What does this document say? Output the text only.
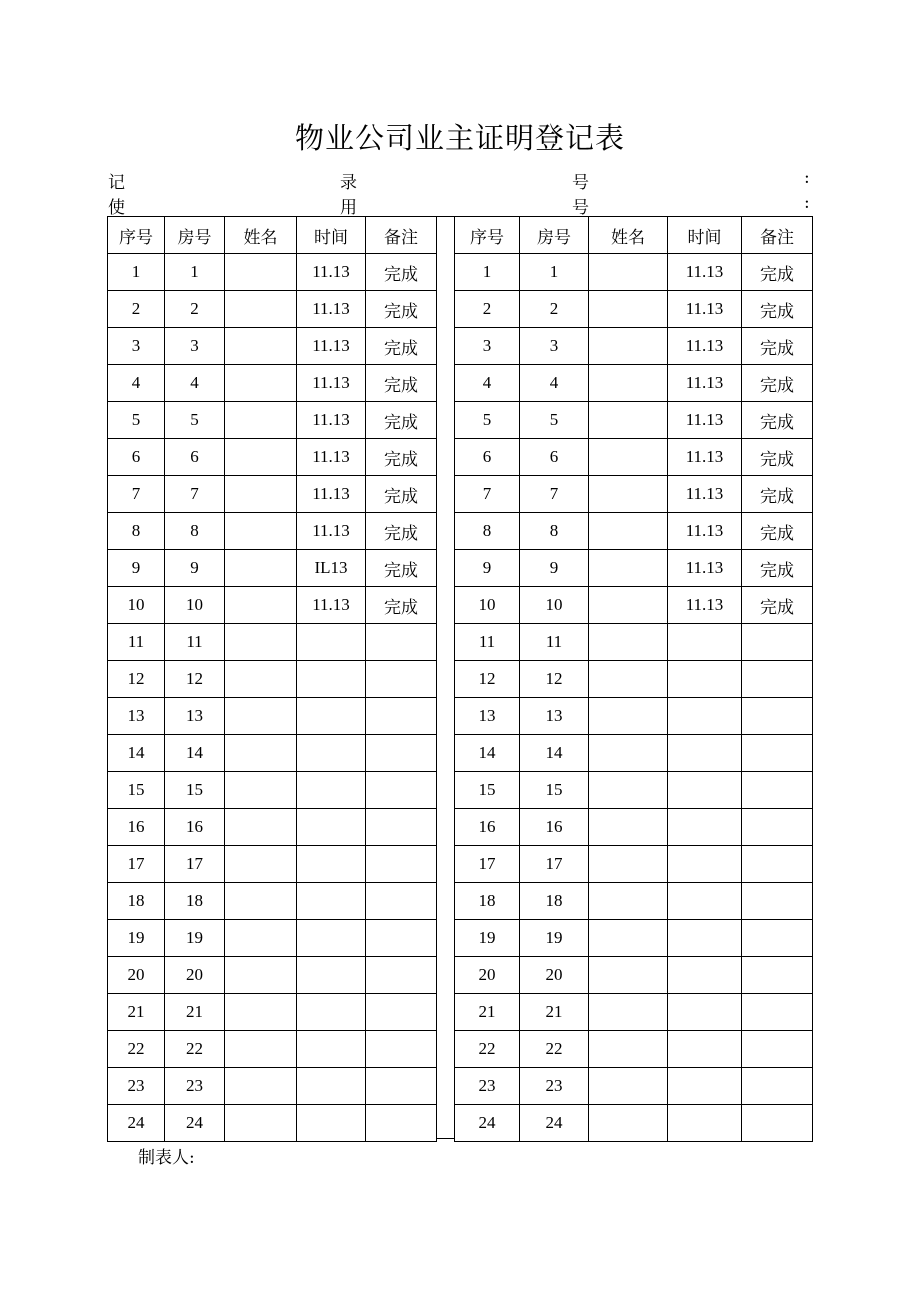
物业公司业主证明登记表
记	录	号	:
使	用	号	:
序号	房号	姓名	时间	备注
1	1		11.13	完成
2	2		11.13	完成
3	3		11.13	完成
4	4		11.13	完成
5	5		11.13	完成
6	6		11.13	完成
7	7		11.13	完成
8	8		11.13	完成
9	9		IL13	完成
10	10		11.13	完成
11	11			
12	12			
13	13			
14	14			
15	15			
16	16			
17	17			
18	18			
19	19			
20	20			
21	21			
22	22			
23	23			
24	24			
序号	房号	姓名	时间	备注
1	1		11.13	完成
2	2		11.13	完成
3	3		11.13	完成
4	4		11.13	完成
5	5		11.13	完成
6	6		11.13	完成
7	7		11.13	完成
8	8		11.13	完成
9	9		11.13	完成
10	10		11.13	完成
11	11			
12	12			
13	13			
14	14			
15	15			
16	16			
17	17			
18	18			
19	19			
20	20			
21	21			
22	22			
23	23			
24	24			
制表人:
